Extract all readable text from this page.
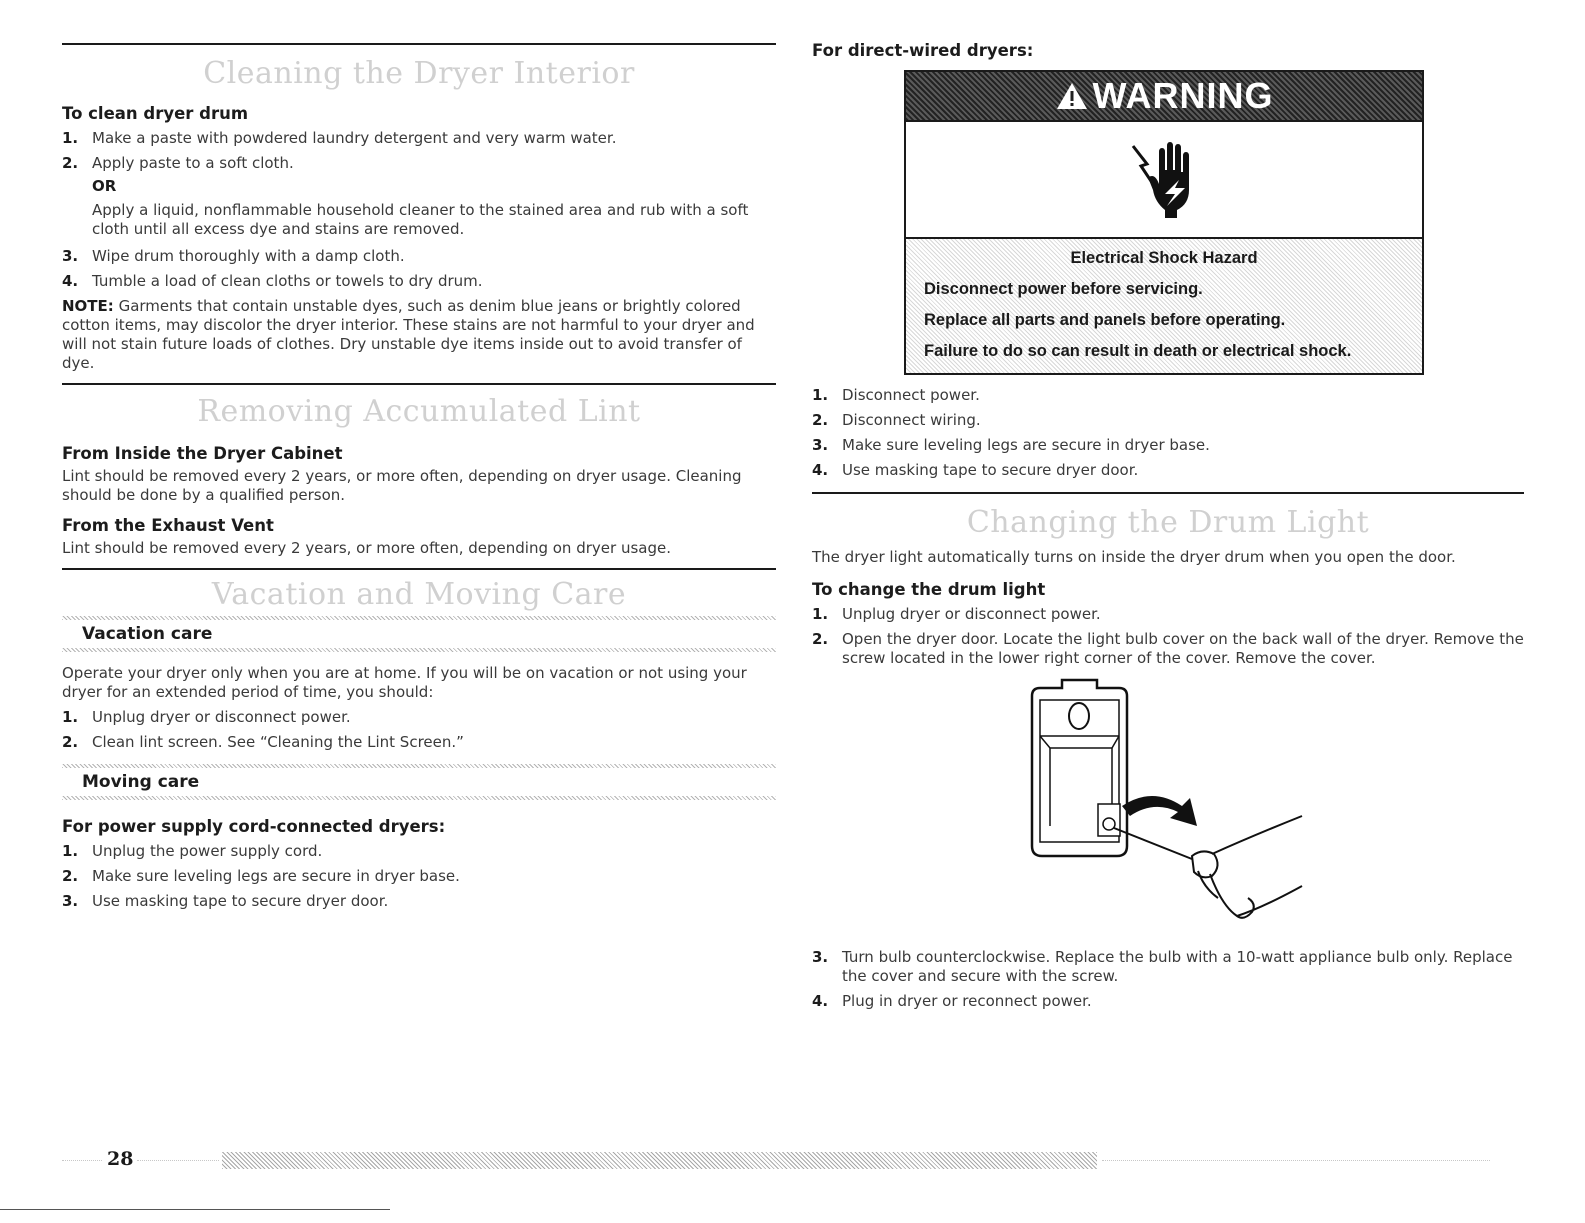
Cleaning the Dryer Interior
To clean dryer drum
1. Make a paste with powdered laundry detergent and very warm water.
2. Apply paste to a soft cloth.
OR
Apply a liquid, nonflammable household cleaner to the stained area and rub with a soft cloth until all excess dye and stains are removed.
3. Wipe drum thoroughly with a damp cloth.
4. Tumble a load of clean cloths or towels to dry drum.
NOTE: Garments that contain unstable dyes, such as denim blue jeans or brightly colored cotton items, may discolor the dryer interior. These stains are not harmful to your dryer and will not stain future loads of clothes. Dry unstable dye items inside out to avoid transfer of dye.
Removing Accumulated Lint
From Inside the Dryer Cabinet
Lint should be removed every 2 years, or more often, depending on dryer usage. Cleaning should be done by a qualified person.
From the Exhaust Vent
Lint should be removed every 2 years, or more often, depending on dryer usage.
Vacation and Moving Care
Vacation care
Operate your dryer only when you are at home. If you will be on vacation or not using your dryer for an extended period of time, you should:
1. Unplug dryer or disconnect power.
2. Clean lint screen. See “Cleaning the Lint Screen.”
Moving care
For power supply cord-connected dryers:
1. Unplug the power supply cord.
2. Make sure leveling legs are secure in dryer base.
3. Use masking tape to secure dryer door.
For direct-wired dryers:
WARNING
Electrical Shock Hazard
Disconnect power before servicing.
Replace all parts and panels before operating.
Failure to do so can result in death or electrical shock.
1. Disconnect power.
2. Disconnect wiring.
3. Make sure leveling legs are secure in dryer base.
4. Use masking tape to secure dryer door.
Changing the Drum Light
The dryer light automatically turns on inside the dryer drum when you open the door.
To change the drum light
1. Unplug dryer or disconnect power.
2. Open the dryer door. Locate the light bulb cover on the back wall of the dryer. Remove the screw located in the lower right corner of the cover. Remove the cover.
3. Turn bulb counterclockwise. Replace the bulb with a 10-watt appliance bulb only. Replace the cover and secure with the screw.
4. Plug in dryer or reconnect power.
28
